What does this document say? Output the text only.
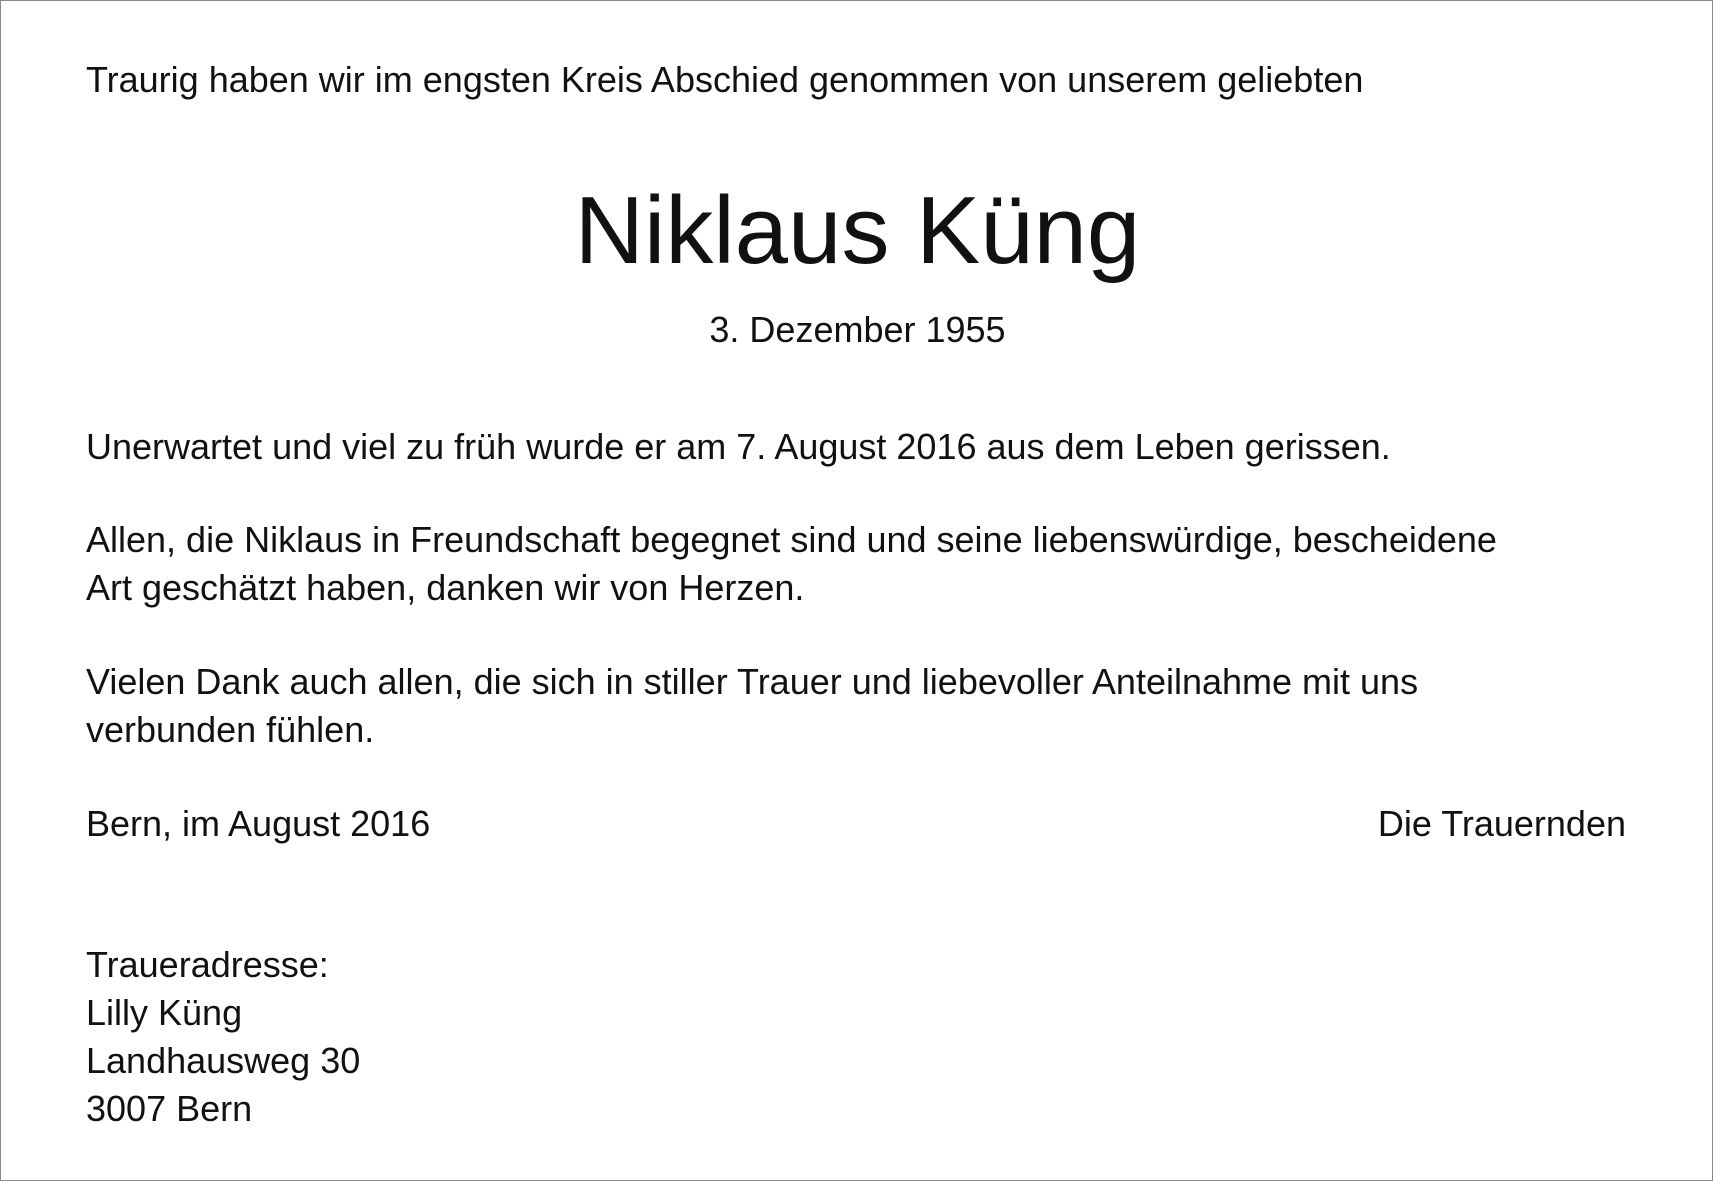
Traurig haben wir im engsten Kreis Abschied genommen von unserem geliebten
Niklaus Küng
3. Dezember 1955
Unerwartet und viel zu früh wurde er am 7. August 2016 aus dem Leben gerissen.
Allen, die Niklaus in Freundschaft begegnet sind und seine liebenswürdige, bescheidene
Art geschätzt haben, danken wir von Herzen.
Vielen Dank auch allen, die sich in stiller Trauer und liebevoller Anteilnahme mit uns
verbunden fühlen.
Bern, im August 2016	Die Trauernden
Traueradresse:
Lilly Küng
Landhausweg 30
3007 Bern
